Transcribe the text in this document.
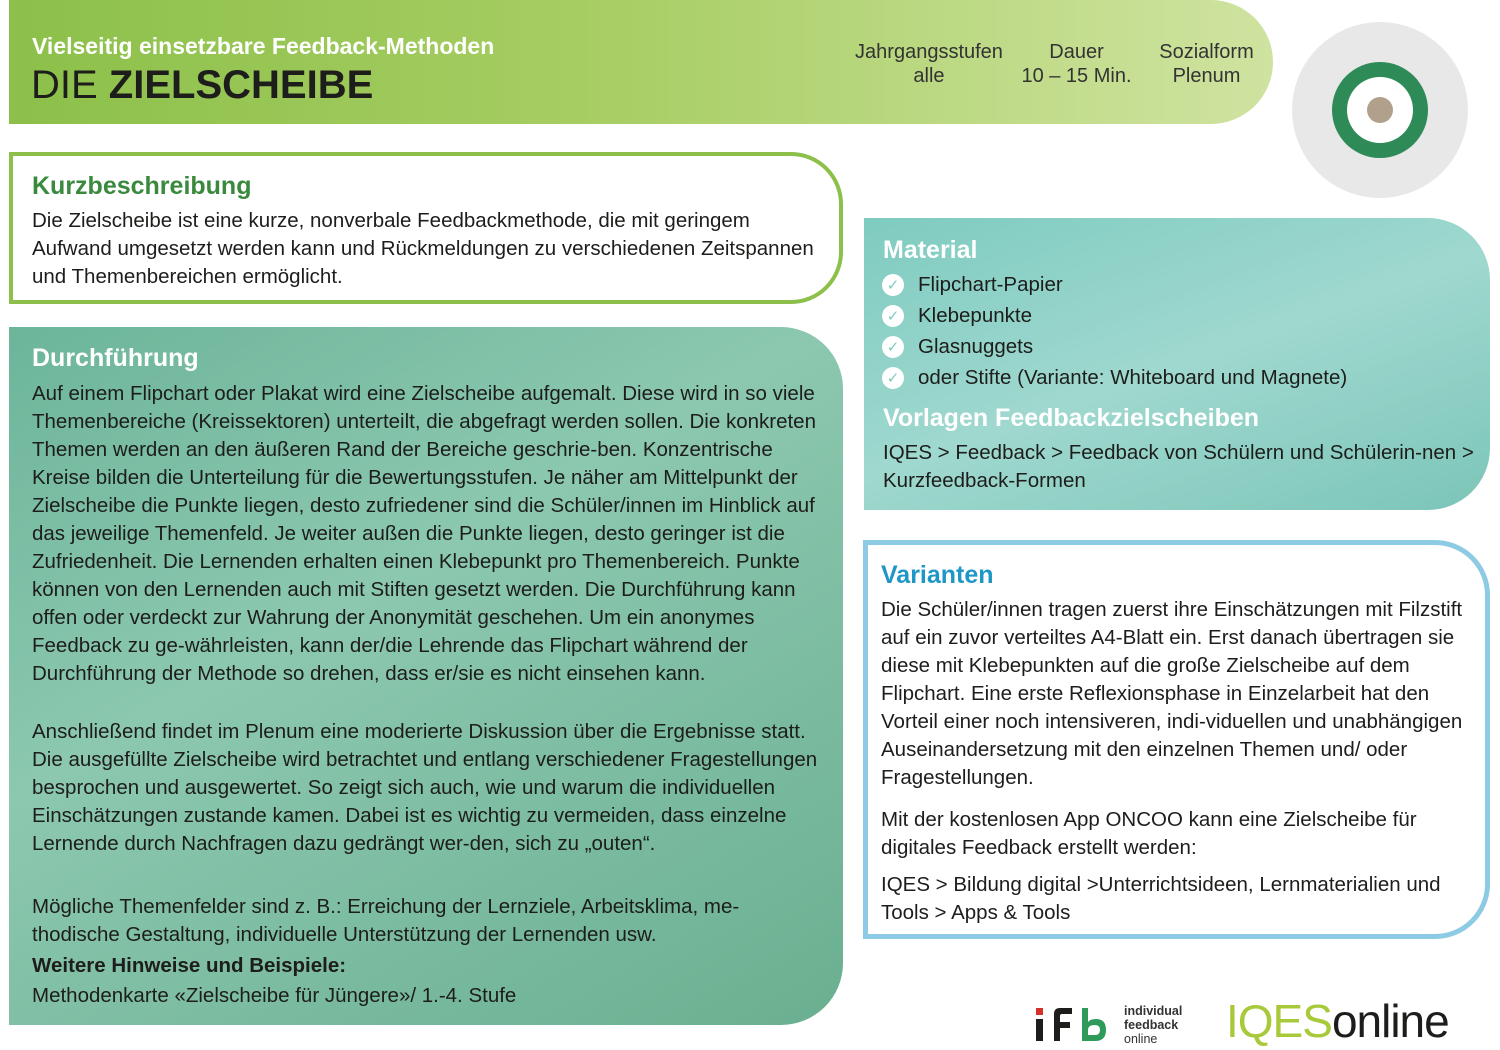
Vielseitig einsetzbare Feedback-Methoden
DIE ZIELSCHEIBE
Jahrgangsstufen
alle
Dauer
10 – 15 Min.
Sozialform
Plenum
Kurzbeschreibung
Die Zielscheibe ist eine kurze, nonverbale Feedbackmethode, die mit geringem Aufwand umgesetzt werden kann und Rückmeldungen zu verschiedenen Zeitspannen und Themenbereichen ermöglicht.
Durchführung
Auf einem Flipchart oder Plakat wird eine Zielscheibe aufgemalt. Diese wird in so viele Themenbereiche (Kreissektoren) unterteilt, die abgefragt werden sollen. Die konkreten Themen werden an den äußeren Rand der Bereiche geschrie-ben. Konzentrische Kreise bilden die Unterteilung für die Bewertungsstufen. Je näher am Mittelpunkt der Zielscheibe die Punkte liegen, desto zufriedener sind die Schüler/innen im Hinblick auf das jeweilige Themenfeld. Je weiter außen die Punkte liegen, desto geringer ist die Zufriedenheit. Die Lernenden erhalten einen Klebepunkt pro Themenbereich. Punkte können von den Lernenden auch mit Stiften gesetzt werden. Die Durchführung kann offen oder verdeckt zur Wahrung der Anonymität geschehen. Um ein anonymes Feedback zu ge-währleisten, kann der/die Lehrende das Flipchart während der Durchführung der Methode so drehen, dass er/sie es nicht einsehen kann.
Anschließend findet im Plenum eine moderierte Diskussion über die Ergebnisse statt. Die ausgefüllte Zielscheibe wird betrachtet und entlang verschiedener Fragestellungen besprochen und ausgewertet. So zeigt sich auch, wie und warum die individuellen Einschätzungen zustande kamen. Dabei ist es wichtig zu vermeiden, dass einzelne Lernende durch Nachfragen dazu gedrängt wer-den, sich zu „outen“.
Mögliche Themenfelder sind z. B.: Erreichung der Lernziele, Arbeitsklima, me-thodische Gestaltung, individuelle Unterstützung der Lernenden usw.
Weitere Hinweise und Beispiele:
Methodenkarte «Zielscheibe für Jüngere»/ 1.-4. Stufe
Material
✓ Flipchart-Papier
✓ Klebepunkte
✓ Glasnuggets
✓ oder Stifte (Variante: Whiteboard und Magnete)
Vorlagen Feedbackzielscheiben
IQES > Feedback > Feedback von Schülern und Schülerin-nen > Kurzfeedback-Formen
Varianten
Die Schüler/innen tragen zuerst ihre Einschätzungen mit Filzstift auf ein zuvor verteiltes A4-Blatt ein. Erst danach übertragen sie diese mit Klebepunkten auf die große Zielscheibe auf dem Flipchart. Eine erste Reflexionsphase in Einzelarbeit hat den Vorteil einer noch intensiveren, indi-viduellen und unabhängigen Auseinandersetzung mit den einzelnen Themen und/ oder Fragestellungen.
Mit der kostenlosen App ONCOO kann eine Zielscheibe für digitales Feedback erstellt werden:
IQES > Bildung digital >Unterrichtsideen, Lernmaterialien und Tools > Apps & Tools
individual
feedback
online	IQESonline
